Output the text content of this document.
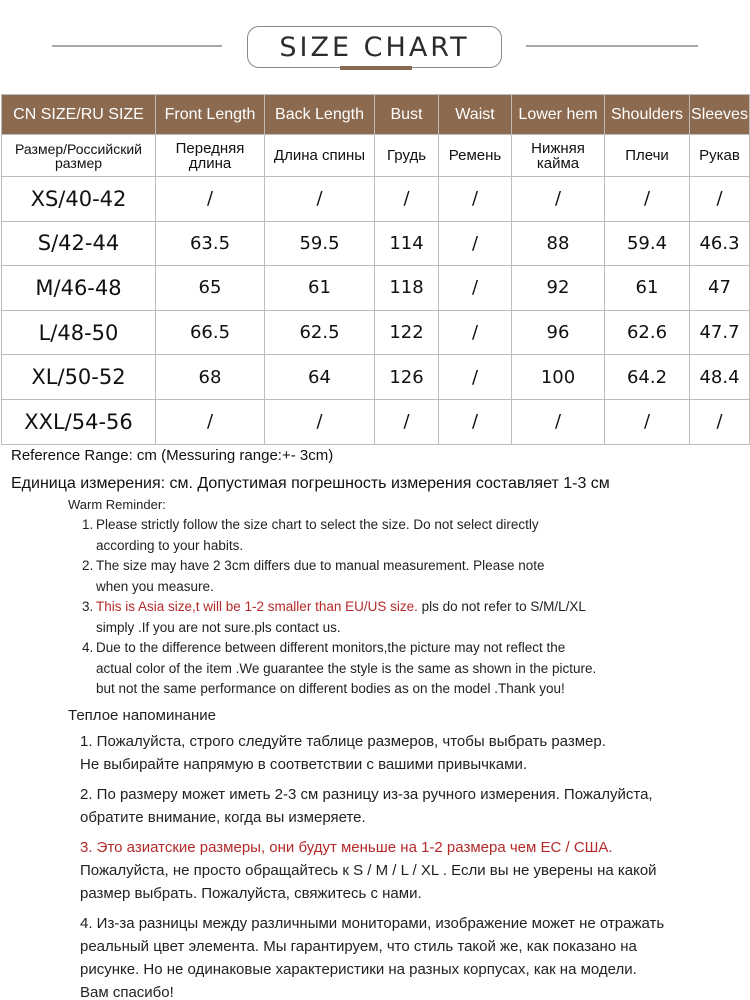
SIZE CHART
CN SIZE/RU SIZE	Front Length	Back Length	Bust	Waist	Lower hem	Shoulders	Sleeves
Размер/Российский размер	Передняя длина	Длина спины	Грудь	Ремень	Нижняя кайма	Плечи	Рукав
XS/40-42	/	/	/	/	/	/	/
S/42-44	63.5	59.5	114	/	88	59.4	46.3
M/46-48	65	61	118	/	92	61	47
L/48-50	66.5	62.5	122	/	96	62.6	47.7
XL/50-52	68	64	126	/	100	64.2	48.4
XXL/54-56	/	/	/	/	/	/	/
Reference Range: cm (Messuring range:+- 3cm)
Единица измерения: см. Допустимая погрешность измерения составляет 1-3 см
Warm Reminder:
1. Please strictly follow the size chart to select the size. Do not select directly
according to your habits.
2. The size may have 2 3cm differs due to manual measurement. Please note
when you measure.
3. This is Asia size,t will be 1-2 smaller than EU/US size. pls do not refer to S/M/L/XL
simply .If you are not sure.pls contact us.
4. Due to the difference between different monitors,the picture may not reflect the
actual color of the item .We guarantee the style is the same as shown in the picture.
but not the same performance on different bodies as on the model .Thank you!
Теплое напоминание
1. Пожалуйста, строго следуйте таблице размеров, чтобы выбрать размер.
Не выбирайте напрямую в соответствии с вашими привычками.
2. По размеру может иметь 2-3 см разницу из-за ручного измерения. Пожалуйста,
обратите внимание, когда вы измеряете.
3. Это азиатские размеры, они будут меньше на 1-2 размера чем ЕС / США.
Пожалуйста, не просто обращайтесь к S / M / L / XL . Если вы не уверены на какой
размер выбрать. Пожалуйста, свяжитесь с нами.
4. Из-за разницы между различными мониторами, изображение может не отражать
реальный цвет элемента. Мы гарантируем, что стиль такой же, как показано на
рисунке. Но не одинаковые характеристики на разных корпусах, как на модели.
Вам спасибо!
